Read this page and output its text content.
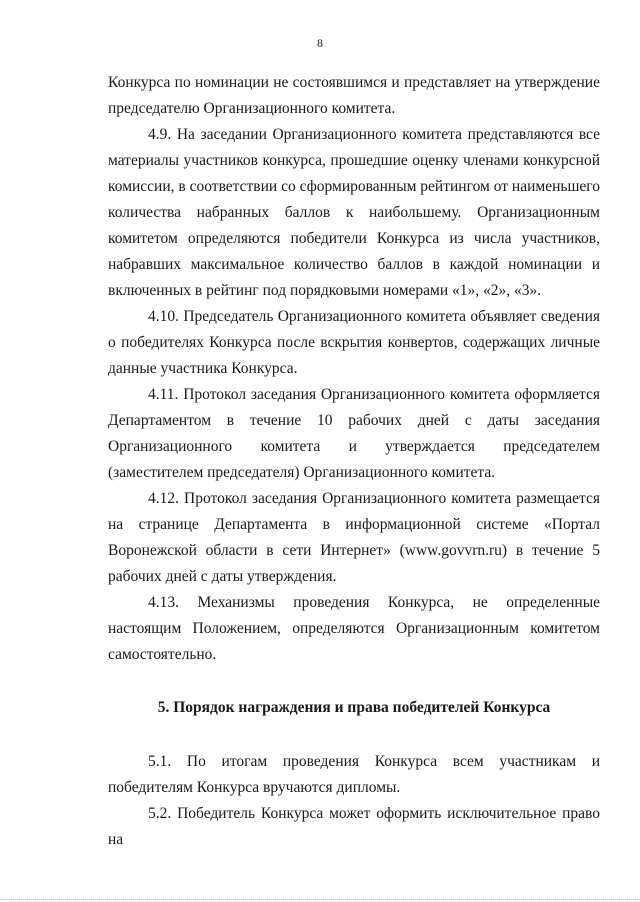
8

Конкурса по номинации не состоявшимся и представляет на утверждение председателю Организационного комитета.

4.9. На заседании Организационного комитета представляются все материалы участников конкурса, прошедшие оценку членами конкурсной комиссии, в соответствии со сформированным рейтингом от наименьшего количества набранных баллов к наибольшему. Организационным комитетом определяются победители Конкурса из числа участников, набравших максимальное количество баллов в каждой номинации и включенных в рейтинг под порядковыми номерами «1», «2», «3».

4.10. Председатель Организационного комитета объявляет сведения о победителях Конкурса после вскрытия конвертов, содержащих личные данные участника Конкурса.

4.11. Протокол заседания Организационного комитета оформляется Департаментом в течение 10 рабочих дней с даты заседания Организационного комитета и утверждается председателем (заместителем председателя) Организационного комитета.

4.12. Протокол заседания Организационного комитета размещается на странице Департамента в информационной системе «Портал Воронежской области в сети Интернет» (www.govvrn.ru) в течение 5 рабочих дней с даты утверждения.

4.13. Механизмы проведения Конкурса, не определенные настоящим Положением, определяются Организационным комитетом самостоятельно.

5. Порядок награждения и права победителей Конкурса

5.1. По итогам проведения Конкурса всем участникам и победителям Конкурса вручаются дипломы.

5.2. Победитель Конкурса может оформить исключительное право на
